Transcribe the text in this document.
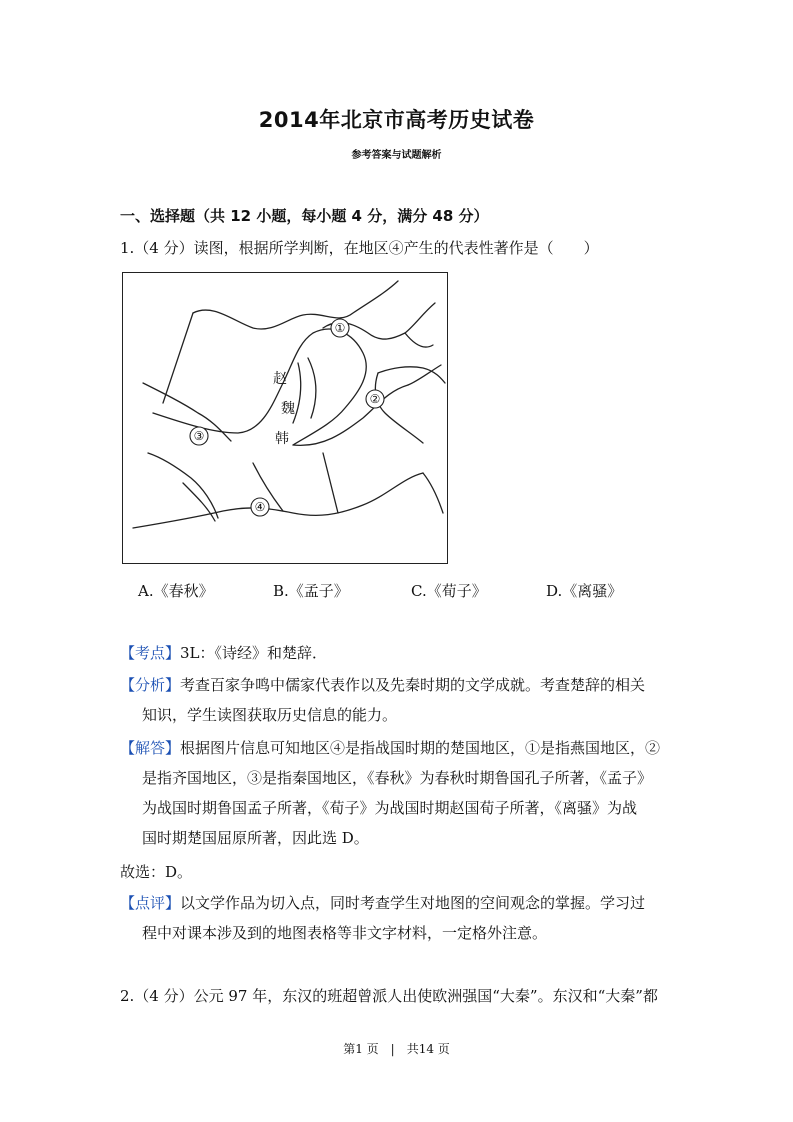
2014年北京市高考历史试卷
参考答案与试题解析
一、选择题（共 12 小题，每小题 4 分，满分 48 分）
1.（4 分）读图，根据所学判断，在地区④产生的代表性著作是（　　）
①
②
③
④
赵
魏
韩
A.《春秋》	B.《孟子》	C.《荀子》	D.《离骚》
【考点】3L：《诗经》和楚辞．
【分析】考查百家争鸣中儒家代表作以及先秦时期的文学成就。考查楚辞的相关
知识，学生读图获取历史信息的能力。
【解答】根据图片信息可知地区④是指战国时期的楚国地区，①是指燕国地区，②
是指齐国地区，③是指秦国地区，《春秋》为春秋时期鲁国孔子所著，《孟子》
为战国时期鲁国孟子所著，《荀子》为战国时期赵国荀子所著，《离骚》为战
国时期楚国屈原所著，因此选 D。
故选：D。
【点评】以文学作品为切入点，同时考查学生对地图的空间观念的掌握。学习过
程中对课本涉及到的地图表格等非文字材料，一定格外注意。
2.（4 分）公元 97 年，东汉的班超曾派人出使欧洲强国“大秦”。东汉和“大秦”都
第1 页　|　共14 页
